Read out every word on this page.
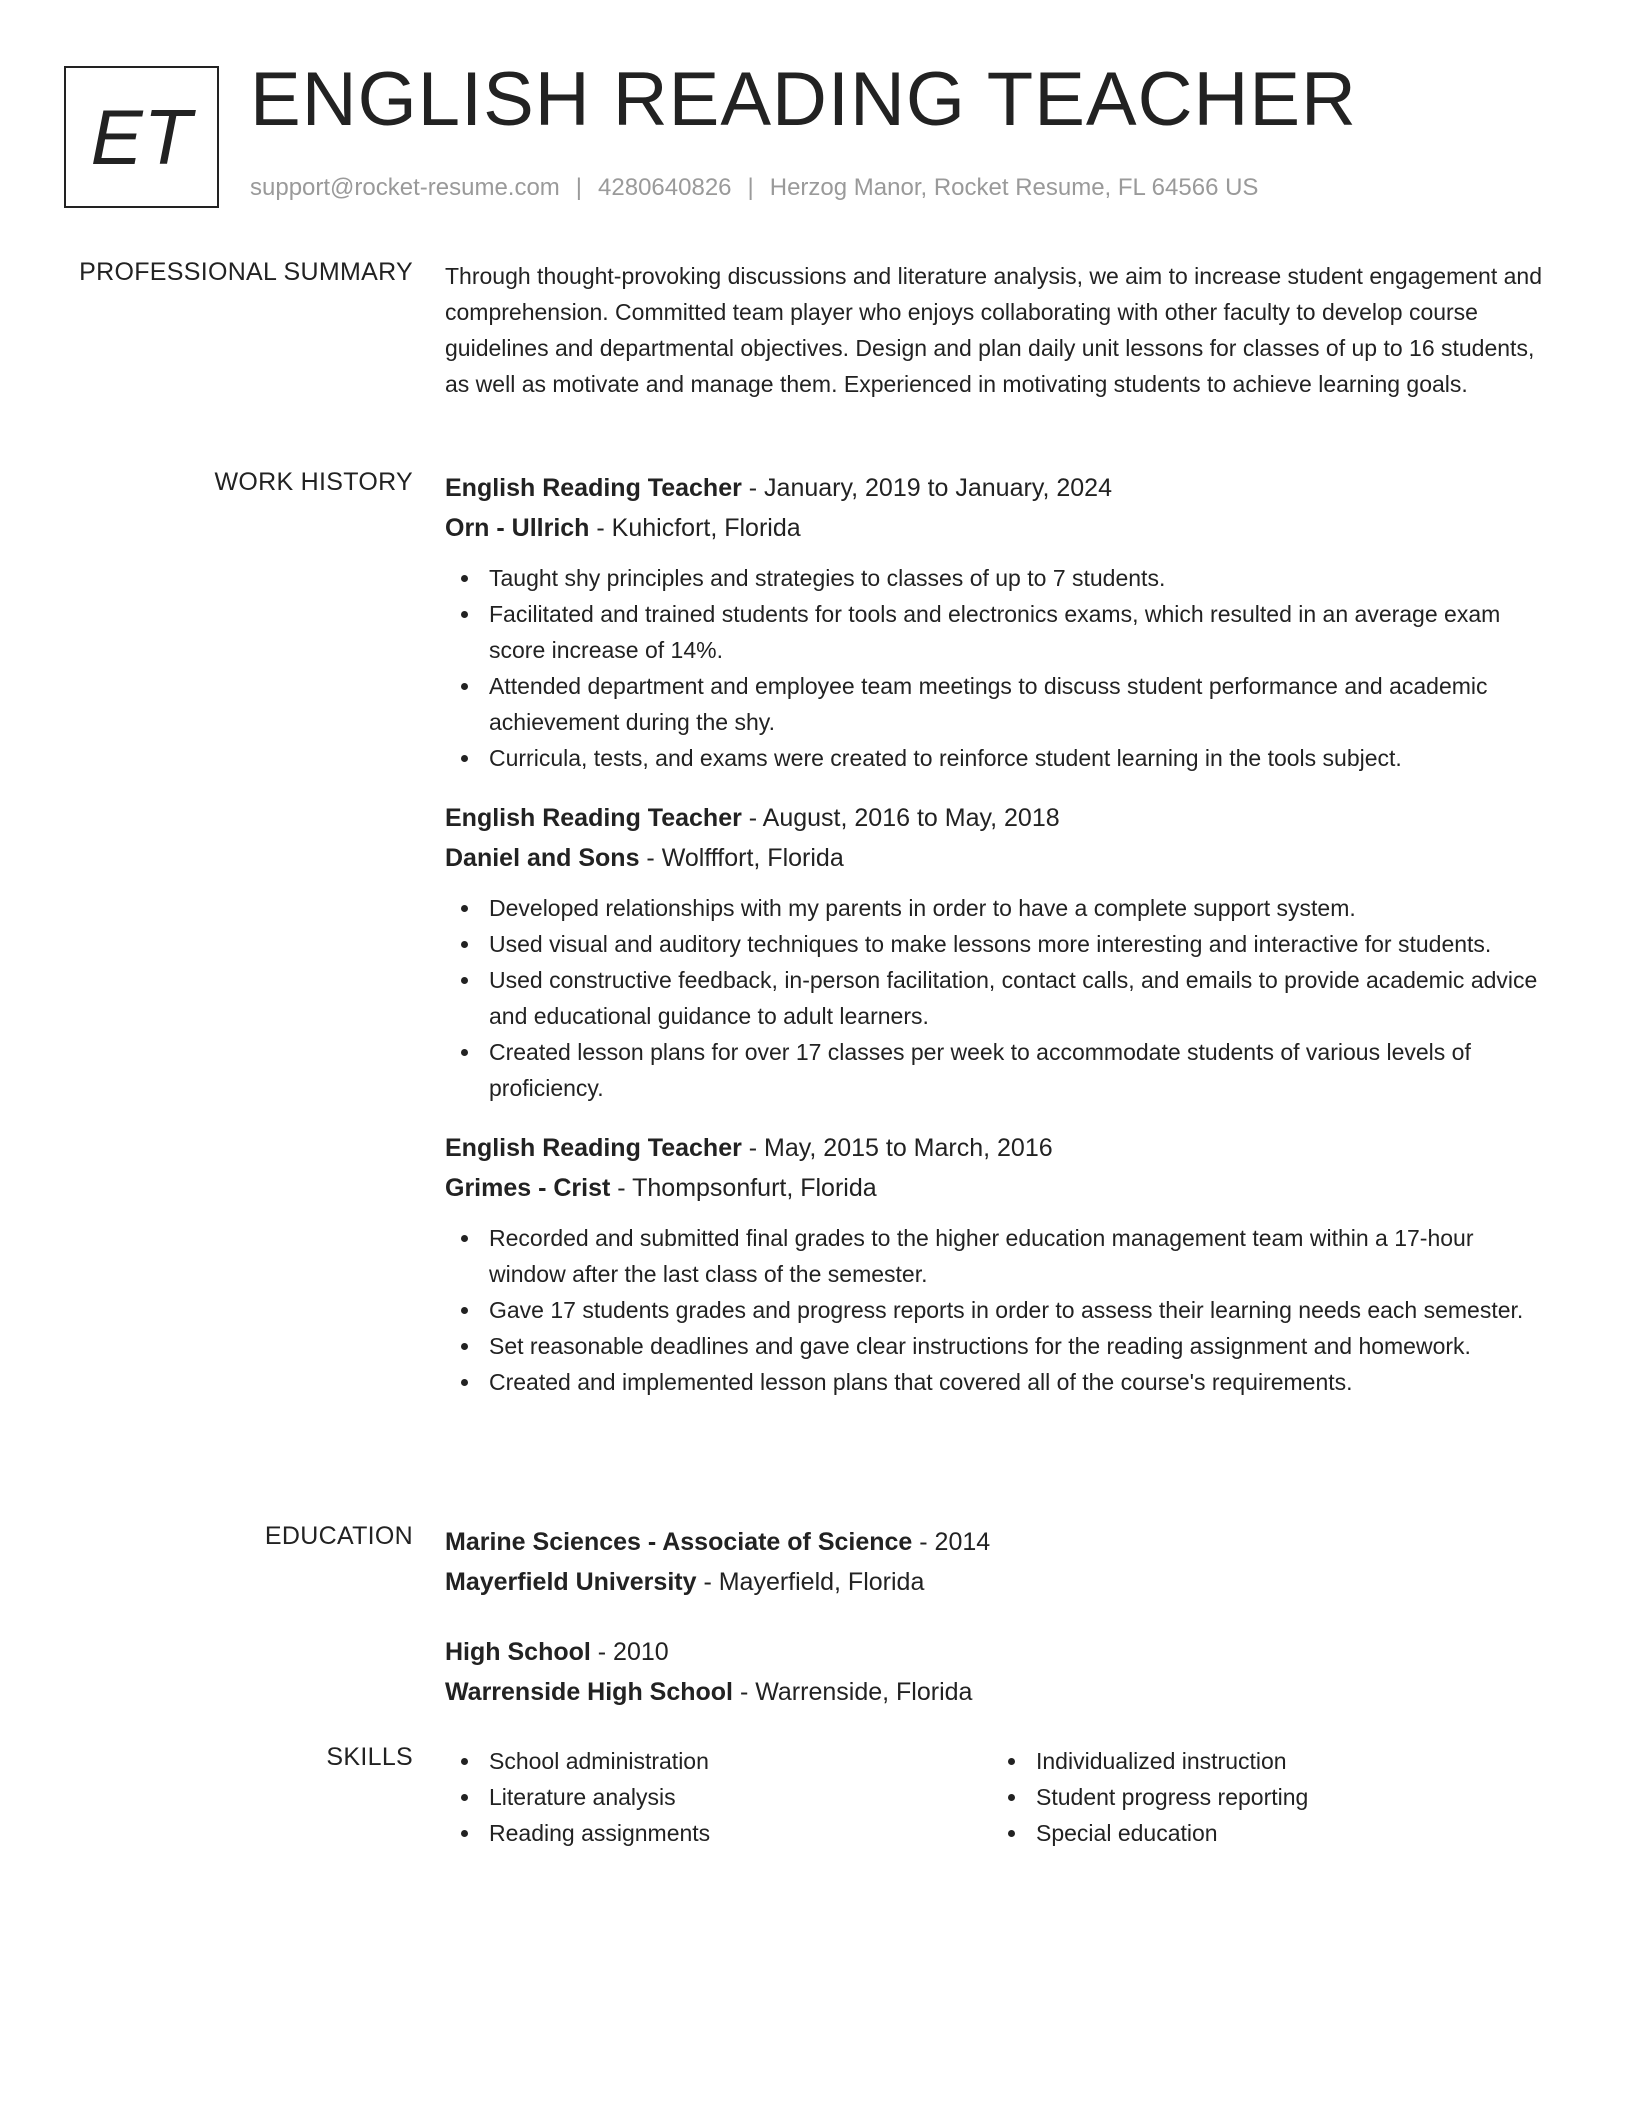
ET ENGLISH READING TEACHER
support@rocket-resume.com | 4280640826 | Herzog Manor, Rocket Resume, FL 64566 US
PROFESSIONAL SUMMARY Through thought-provoking discussions and literature analysis, we aim to increase student engagement and comprehension. Committed team player who enjoys collaborating with other faculty to develop course guidelines and departmental objectives. Design and plan daily unit lessons for classes of up to 16 students, as well as motivate and manage them. Experienced in motivating students to achieve learning goals.

WORK HISTORY English Reading Teacher - January, 2019 to January, 2024
Orn - Ullrich - Kuhicfort, Florida
Taught shy principles and strategies to classes of up to 7 students.
Facilitated and trained students for tools and electronics exams, which resulted in an average exam score increase of 14%.
Attended department and employee team meetings to discuss student performance and academic achievement during the shy.
Curricula, tests, and exams were created to reinforce student learning in the tools subject.
English Reading Teacher - August, 2016 to May, 2018
Daniel and Sons - Wolfffort, Florida
Developed relationships with my parents in order to have a complete support system.
Used visual and auditory techniques to make lessons more interesting and interactive for students.
Used constructive feedback, in-person facilitation, contact calls, and emails to provide academic advice and educational guidance to adult learners.
Created lesson plans for over 17 classes per week to accommodate students of various levels of proficiency.
English Reading Teacher - May, 2015 to March, 2016
Grimes - Crist - Thompsonfurt, Florida
Recorded and submitted final grades to the higher education management team within a 17-hour window after the last class of the semester.
Gave 17 students grades and progress reports in order to assess their learning needs each semester.
Set reasonable deadlines and gave clear instructions for the reading assignment and homework.
Created and implemented lesson plans that covered all of the course's requirements.
EDUCATION Marine Sciences - Associate of Science - 2014
Mayerfield University - Mayerfield, Florida
High School - 2010
Warrenside High School - Warrenside, Florida
SKILLS	School administration
Literature analysis
Reading assignments
Individualized instruction
Student progress reporting
Special education
